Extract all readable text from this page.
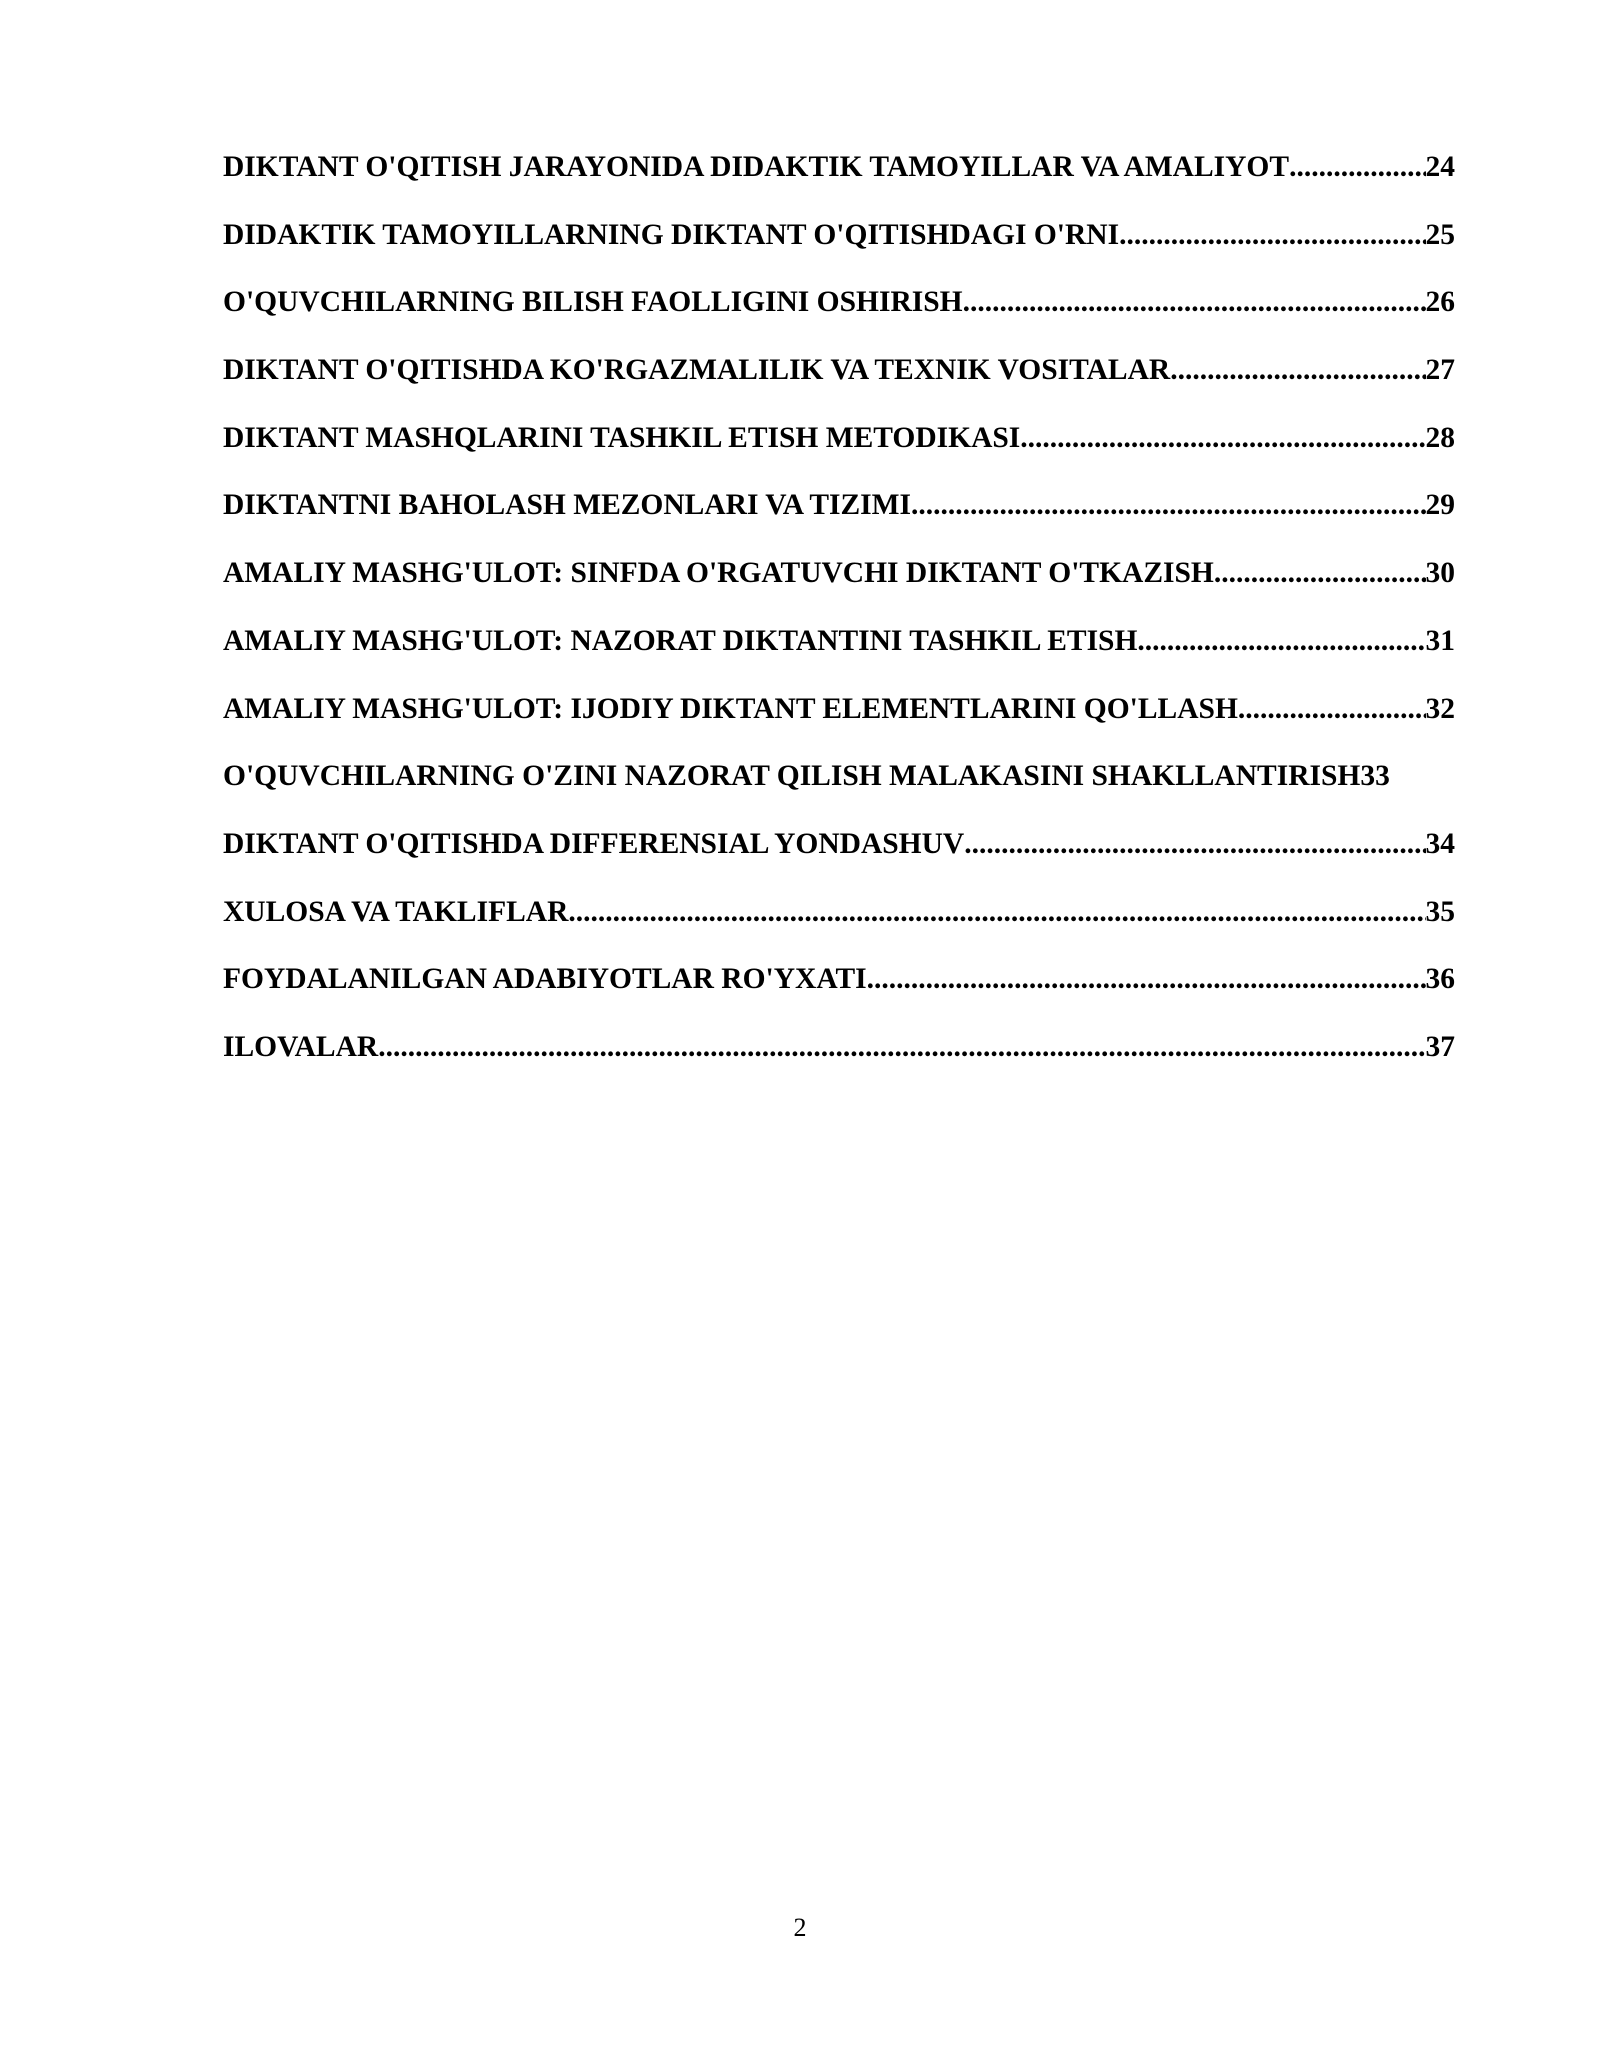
DIKTANT O'QITISH JARAYONIDA DIDAKTIK TAMOYILLAR VA AMALIYOT .....	24
DIDAKTIK TAMOYILLARNING DIKTANT O'QITISHDAGI O'RNI .....	25
O'QUVCHILARNING BILISH FAOLLIGINI OSHIRISH .....	26
DIKTANT O'QITISHDA KO'RGAZMALILIK VA TEXNIK VOSITALAR .....	27
DIKTANT MASHQLARINI TASHKIL ETISH METODIKASI .....	28
DIKTANTNI BAHOLASH MEZONLARI VA TIZIMI .....	29
AMALIY MASHG'ULOT: SINFDA O'RGATUVCHI DIKTANT O'TKAZISH .....	30
AMALIY MASHG'ULOT: NAZORAT DIKTANTINI TASHKIL ETISH .....	31
AMALIY MASHG'ULOT: IJODIY DIKTANT ELEMENTLARINI QO'LLASH .....	32
O'QUVCHILARNING O'ZINI NAZORAT QILISH MALAKASINI SHAKLLANTIRISH 33
DIKTANT O'QITISHDA DIFFERENSIAL YONDASHUV .....	34
XULOSA VA TAKLIFLAR .....	35
FOYDALANILGAN ADABIYOTLAR RO'YXATI .....	36
ILOVALAR .....	37
2
